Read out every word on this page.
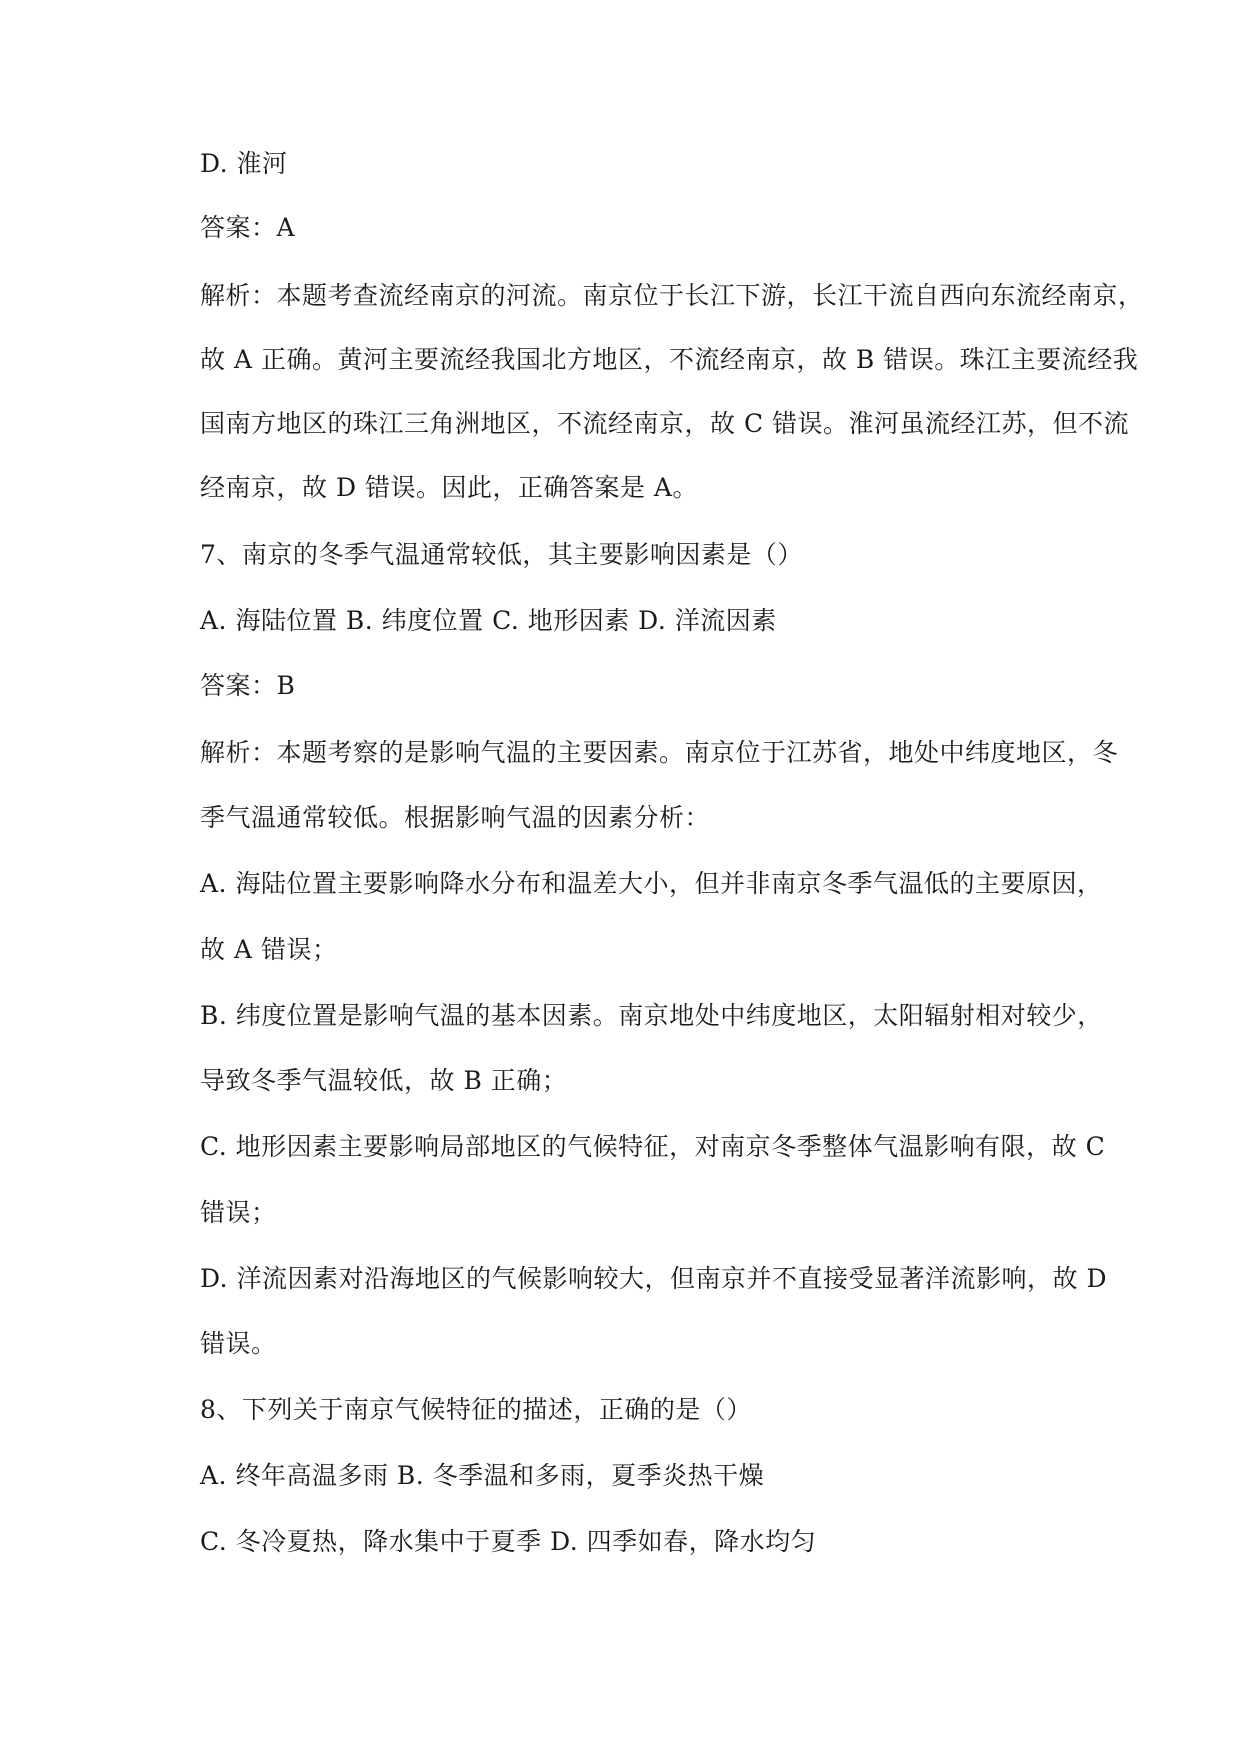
D. 淮河
答案：A
解析：本题考查流经南京的河流。南京位于长江下游，长江干流自西向东流经南京，
故 A 正确。黄河主要流经我国北方地区，不流经南京，故 B 错误。珠江主要流经我
国南方地区的珠江三角洲地区，不流经南京，故 C 错误。淮河虽流经江苏，但不流
经南京，故 D 错误。因此，正确答案是 A。
7、南京的冬季气温通常较低，其主要影响因素是（）
A. 海陆位置 B. 纬度位置 C. 地形因素 D. 洋流因素
答案：B
解析：本题考察的是影响气温的主要因素。南京位于江苏省，地处中纬度地区，冬
季气温通常较低。根据影响气温的因素分析：
A. 海陆位置主要影响降水分布和温差大小，但并非南京冬季气温低的主要原因，
故 A 错误；
B. 纬度位置是影响气温的基本因素。南京地处中纬度地区，太阳辐射相对较少，
导致冬季气温较低，故 B 正确；
C. 地形因素主要影响局部地区的气候特征，对南京冬季整体气温影响有限，故 C
错误；
D. 洋流因素对沿海地区的气候影响较大，但南京并不直接受显著洋流影响，故 D
错误。
8、下列关于南京气候特征的描述，正确的是（）
A. 终年高温多雨 B. 冬季温和多雨，夏季炎热干燥
C. 冬冷夏热，降水集中于夏季 D. 四季如春，降水均匀
